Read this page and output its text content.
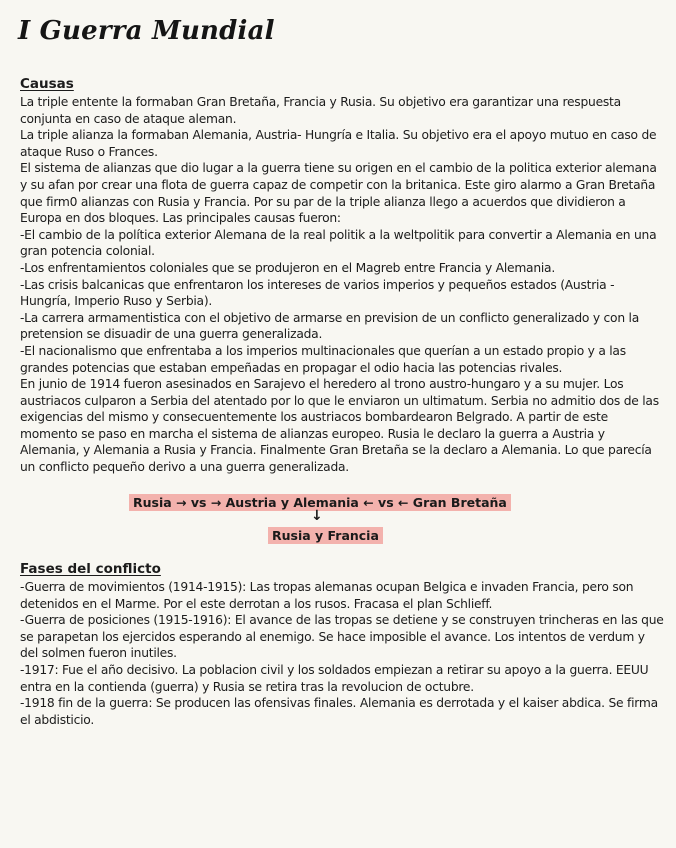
I Guerra Mundial
Causas

La triple entente la formaban Gran Bretaña, Francia y Rusia. Su objetivo era garantizar una respuesta conjunta en caso de ataque aleman.

La triple alianza la formaban Alemania, Austria- Hungría e Italia. Su objetivo era el apoyo mutuo en caso de ataque Ruso o Frances.

El sistema de alianzas que dio lugar a la guerra tiene su origen en el cambio de la politica exterior alemana y su afan por crear una flota de guerra capaz de competir con la britanica. Este giro alarmo a Gran Bretaña que firm0 alianzas con Rusia y Francia. Por su par de la triple alianza llego a acuerdos que dividieron a Europa en dos bloques. Las principales causas fueron:

-El cambio de la política exterior Alemana de la real politik a la weltpolitik para convertir a Alemania en una gran potencia colonial.

-Los enfrentamientos coloniales que se produjeron en el Magreb entre Francia y Alemania.

-Las crisis balcanicas que enfrentaron los intereses de varios imperios y pequeños estados (Austria - Hungría, Imperio Ruso y Serbia).

-La carrera armamentistica con el objetivo de armarse en prevision de un conflicto generalizado y con la pretension se disuadir de una guerra generalizada.

-El nacionalismo que enfrentaba a los imperios multinacionales que querían a un estado propio y a las grandes potencias que estaban empeñadas en propagar el odio hacia las potencias rivales.

En junio de 1914 fueron asesinados en Sarajevo el heredero al trono austro-hungaro y a su mujer. Los austriacos culparon a Serbia del atentado por lo que le enviaron un ultimatum. Serbia no admitio dos de las exigencias del mismo y consecuentemente los austriacos bombardearon Belgrado. A partir de este momento se paso en marcha el sistema de alianzas europeo. Rusia le declaro la guerra a Austria y Alemania, y Alemania a Rusia y Francia. Finalmente Gran Bretaña se la declaro a Alemania. Lo que parecía un conflicto pequeño derivo a una guerra generalizada.

Rusia → vs → Austria y Alemania ← vs ← Gran Bretaña
↓
Rusia y Francia
Fases del conflicto

-Guerra de movimientos (1914-1915): Las tropas alemanas ocupan Belgica e invaden Francia, pero son detenidos en el Marme. Por el este derrotan a los rusos. Fracasa el plan Schlieff.

-Guerra de posiciones (1915-1916): El avance de las tropas se detiene y se construyen trincheras en las que se parapetan los ejercidos esperando al enemigo. Se hace imposible el avance. Los intentos de verdum y del solmen fueron inutiles.

-1917: Fue el año decisivo. La poblacion civil y los soldados empiezan a retirar su apoyo a la guerra. EEUU entra en la contienda (guerra) y Rusia se retira tras la revolucion de octubre.

-1918 fin de la guerra: Se producen las ofensivas finales. Alemania es derrotada y el kaiser abdica. Se firma el abdisticio.
